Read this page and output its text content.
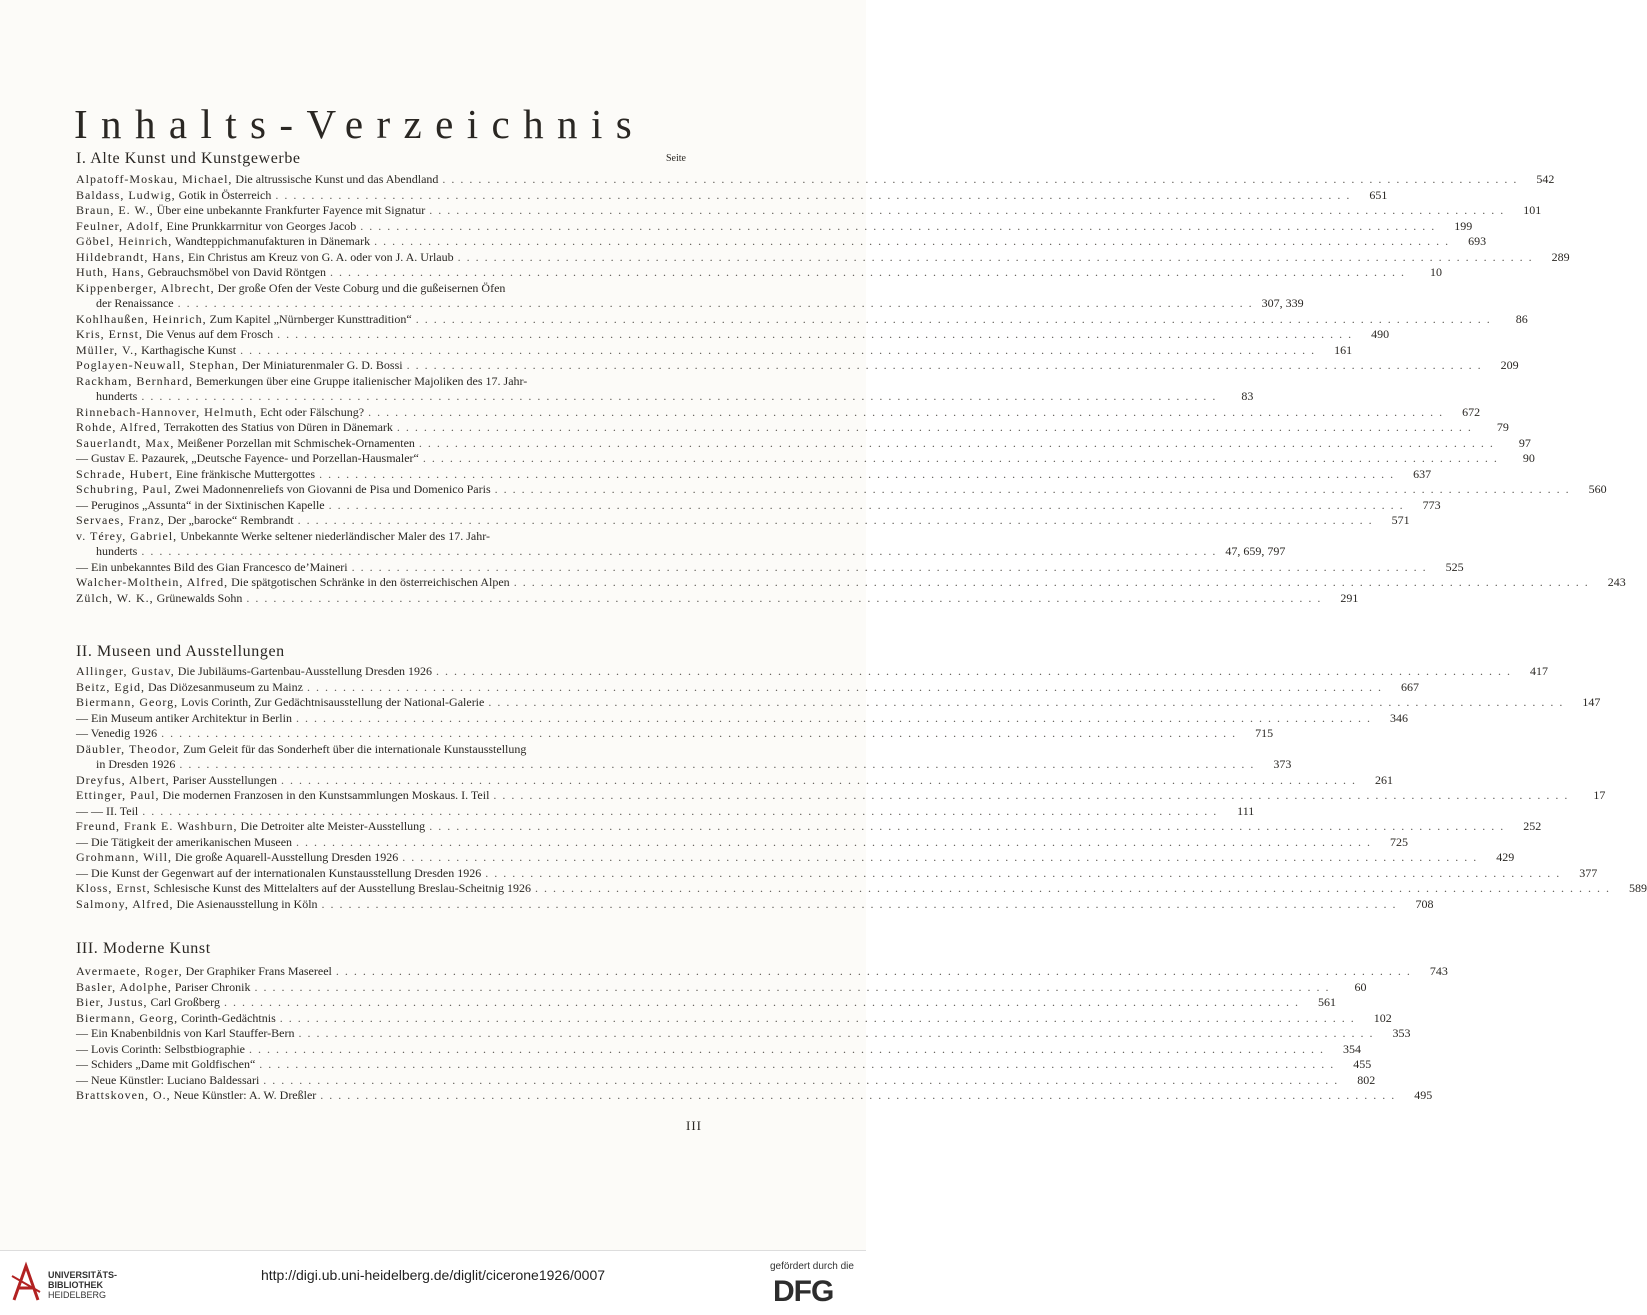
Inhalts-Verzeichnis
Seite
I. Alte Kunst und Kunstgewerbe
Alpatoff-Moskau, Michael, Die altrussische Kunst und das Abendland ........................................................................................................................	542
Baldass, Ludwig, Gotik in Österreich ........................................................................................................................	651
Braun, E. W., Über eine unbekannte Frankfurter Fayence mit Signatur ........................................................................................................................	101
Feulner, Adolf, Eine Prunkkarrnitur von Georges Jacob ........................................................................................................................	199
Göbel, Heinrich, Wandteppichmanufakturen in Dänemark ........................................................................................................................	693
Hildebrandt, Hans, Ein Christus am Kreuz von G. A. oder von J. A. Urlaub ........................................................................................................................	289
Huth, Hans, Gebrauchsmöbel von David Röntgen ........................................................................................................................	10
Kippenberger, Albrecht, Der große Ofen der Veste Coburg und die gußeisernen Öfen
der Renaissance ........................................................................................................................ 307, 339
Kohlhaußen, Heinrich, Zum Kapitel „Nürnberger Kunsttradition“ ........................................................................................................................	86
Kris, Ernst, Die Venus auf dem Frosch ........................................................................................................................	490
Müller, V., Karthagische Kunst ........................................................................................................................	161
Poglayen-Neuwall, Stephan, Der Miniaturenmaler G. D. Bossi ........................................................................................................................	209
Rackham, Bernhard, Bemerkungen über eine Gruppe italienischer Majoliken des 17. Jahr-
hunderts ........................................................................................................................	83
Rinnebach-Hannover, Helmuth, Echt oder Fälschung? ........................................................................................................................	672
Rohde, Alfred, Terrakotten des Statius von Düren in Dänemark ........................................................................................................................	79
Sauerlandt, Max, Meißener Porzellan mit Schmischek-Ornamenten ........................................................................................................................	97
— Gustav E. Pazaurek, „Deutsche Fayence- und Porzellan-Hausmaler“ ........................................................................................................................	90
Schrade, Hubert, Eine fränkische Muttergottes ........................................................................................................................	637
Schubring, Paul, Zwei Madonnenreliefs von Giovanni de Pisa und Domenico Paris ........................................................................................................................	560
— Peruginos „Assunta“ in der Sixtinischen Kapelle ........................................................................................................................	773
Servaes, Franz, Der „barocke“ Rembrandt ........................................................................................................................	571
v. Térey, Gabriel, Unbekannte Werke seltener niederländischer Maler des 17. Jahr-
hunderts ........................................................................................................................ 47, 659, 797
— Ein unbekanntes Bild des Gian Francesco de’Maineri ........................................................................................................................	525
Walcher-Molthein, Alfred, Die spätgotischen Schränke in den österreichischen Alpen ........................................................................................................................	243
Zülch, W. K., Grünewalds Sohn ........................................................................................................................	291
II. Museen und Ausstellungen
Allinger, Gustav, Die Jubiläums-Gartenbau-Ausstellung Dresden 1926 ........................................................................................................................	417
Beitz, Egid, Das Diözesanmuseum zu Mainz ........................................................................................................................	667
Biermann, Georg, Lovis Corinth, Zur Gedächtnisausstellung der National-Galerie ........................................................................................................................	147
— Ein Museum antiker Architektur in Berlin ........................................................................................................................	346
— Venedig 1926 ........................................................................................................................	715
Däubler, Theodor, Zum Geleit für das Sonderheft über die internationale Kunstausstellung
in Dresden 1926 ........................................................................................................................	373
Dreyfus, Albert, Pariser Ausstellungen ........................................................................................................................	261
Ettinger, Paul, Die modernen Franzosen in den Kunstsammlungen Moskaus. I. Teil ........................................................................................................................	17
— — II. Teil ........................................................................................................................	111
Freund, Frank E. Washburn, Die Detroiter alte Meister-Ausstellung ........................................................................................................................	252
— Die Tätigkeit der amerikanischen Museen ........................................................................................................................	725
Grohmann, Will, Die große Aquarell-Ausstellung Dresden 1926 ........................................................................................................................	429
— Die Kunst der Gegenwart auf der internationalen Kunstausstellung Dresden 1926 ........................................................................................................................	377
Kloss, Ernst, Schlesische Kunst des Mittelalters auf der Ausstellung Breslau-Scheitnig 1926 ........................................................................................................................	589
Salmony, Alfred, Die Asienausstellung in Köln ........................................................................................................................	708
III. Moderne Kunst
Avermaete, Roger, Der Graphiker Frans Masereel ........................................................................................................................	743
Basler, Adolphe, Pariser Chronik ........................................................................................................................	60
Bier, Justus, Carl Großberg ........................................................................................................................	561
Biermann, Georg, Corinth-Gedächtnis ........................................................................................................................	102
— Ein Knabenbildnis von Karl Stauffer-Bern ........................................................................................................................	353
— Lovis Corinth: Selbstbiographie ........................................................................................................................	354
— Schiders „Dame mit Goldfischen“ ........................................................................................................................	455
— Neue Künstler: Luciano Baldessari ........................................................................................................................	802
Brattskoven, O., Neue Künstler: A. W. Dreßler ........................................................................................................................	495
III
UNIVERSITÄTS-
BIBLIOTHEK
HEIDELBERG
http://digi.ub.uni-heidelberg.de/diglit/cicerone1926/0007
gefördert durch die
DFG
